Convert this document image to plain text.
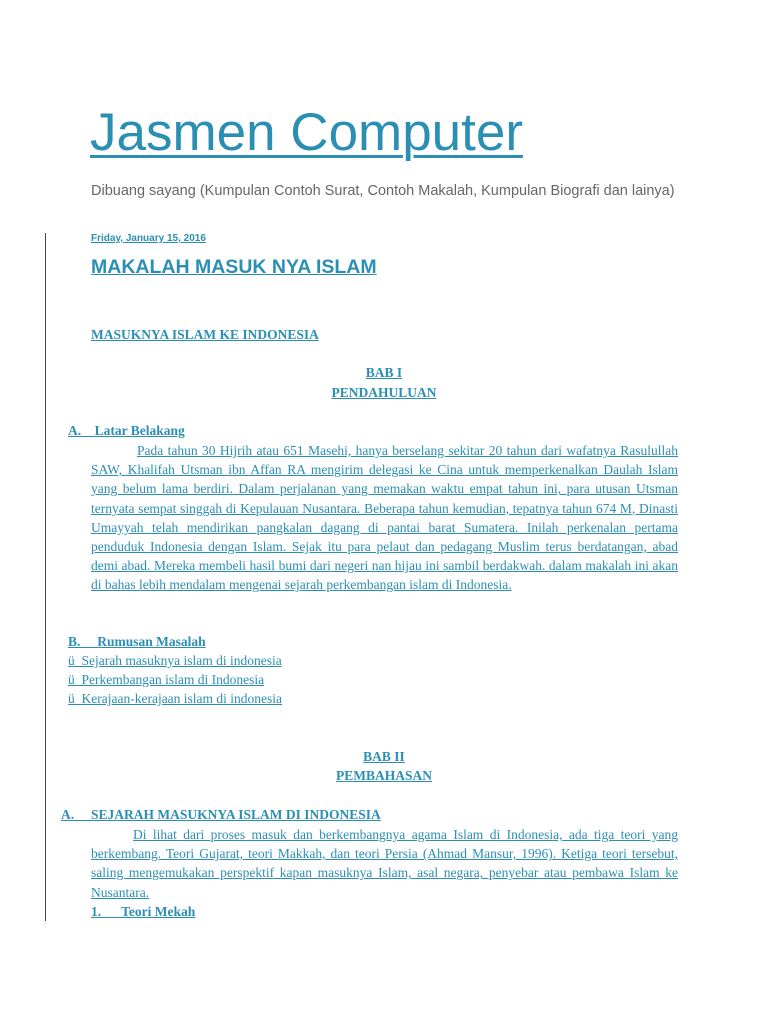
Jasmen Computer
Dibuang sayang (Kumpulan Contoh Surat, Contoh Makalah, Kumpulan Biografi dan lainya)
Friday, January 15, 2016
MAKALAH MASUK NYA ISLAM
MASUKNYA ISLAM KE INDONESIA
BAB I
PENDAHULUAN
A.    Latar Belakang
Pada tahun 30 Hijrih atau 651 Masehi, hanya berselang sekitar 20 tahun dari wafatnya Rasulullah SAW, Khalifah Utsman ibn Affan RA mengirim delegasi ke Cina untuk memperkenalkan Daulah Islam yang belum lama berdiri. Dalam perjalanan yang memakan waktu empat tahun ini, para utusan Utsman ternyata sempat singgah di Kepulauan Nusantara. Beberapa tahun kemudian, tepatnya tahun 674 M, Dinasti Umayyah telah mendirikan pangkalan dagang di pantai barat Sumatera. Inilah perkenalan pertama penduduk Indonesia dengan Islam. Sejak itu para pelaut dan pedagang Muslim terus berdatangan, abad demi abad. Mereka membeli hasil bumi dari negeri nan hijau ini sambil berdakwah. dalam makalah ini akan di bahas lebih mendalam mengenai sejarah perkembangan islam di Indonesia.
B.     Rumusan Masalah
ü  Sejarah masuknya islam di indonesia
ü  Perkembangan islam di Indonesia
ü  Kerajaan-kerajaan islam di indonesia
BAB II
PEMBAHASAN
A.     SEJARAH MASUKNYA ISLAM DI INDONESIA
Di lihat dari proses masuk dan berkembangnya agama Islam di Indonesia, ada tiga teori yang berkembang. Teori Gujarat, teori Makkah, dan teori Persia (Ahmad Mansur, 1996). Ketiga teori tersebut, saling mengemukakan perspektif kapan masuknya Islam, asal negara, penyebar atau pembawa Islam ke Nusantara.
1.      Teori Mekah
